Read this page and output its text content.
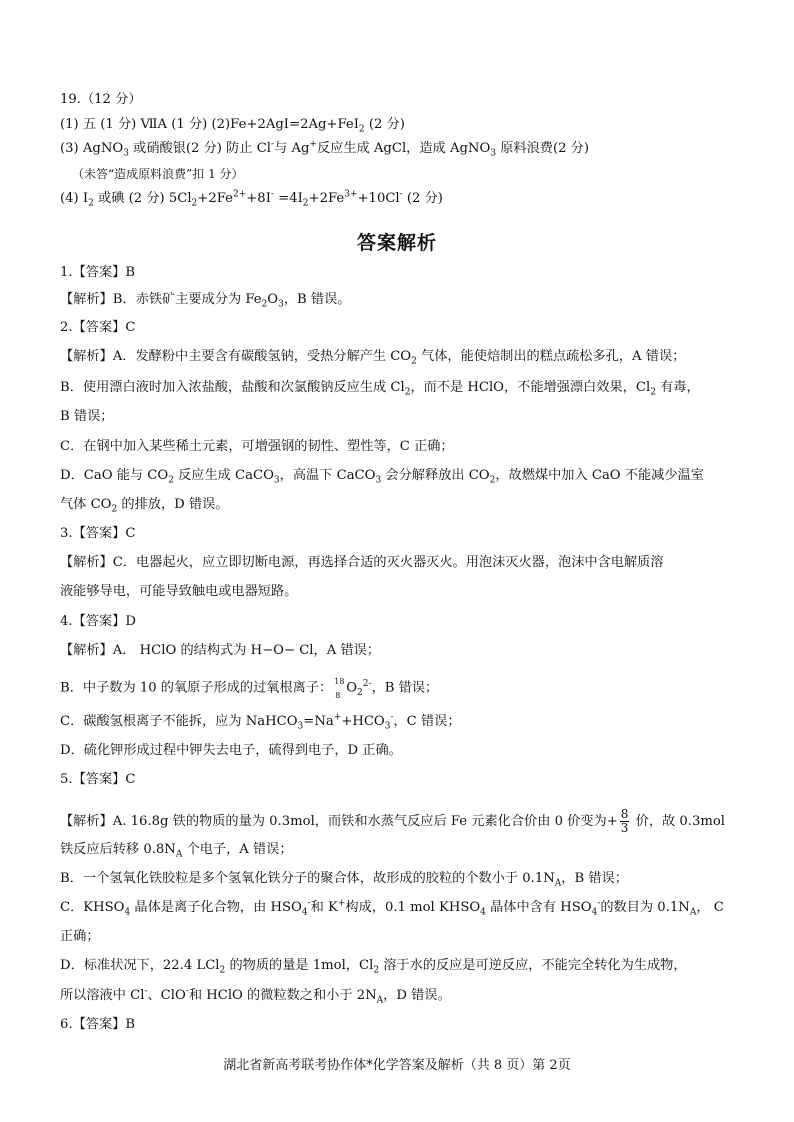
19.（12 分）
(1) 五 (1 分) ⅦA (1 分) (2)Fe+2AgI=2Ag+FeI$_2$ (2 分)
(3) AgNO$_3$ 或硝酸银(2 分) 防止 Cl-与 Ag+反应生成 AgCl，造成 AgNO$_3$ 原料浪费(2 分)
（未答“造成原料浪费”扣 1 分）
(4) $I_2$ 或碘 (2 分) $5Cl_2+2Fe^{2+}+8I^- =4I_2+2Fe^{3+}+10Cl^-$ (2 分)
答案解析
1.【答案】B
【解析】B．赤铁矿主要成分为 $Fe_2O_3$，B 错误。
2.【答案】C
【解析】A．发酵粉中主要含有碳酸氢钠，受热分解产生 $CO_2$ 气体，能使焙制出的糕点疏松多孔，A 错误；
B．使用漂白液时加入浓盐酸，盐酸和次氯酸钠反应生成 $Cl_2$，而不是 HClO，不能增强漂白效果，$Cl_2$ 有毒，
B 错误；
C．在钢中加入某些稀土元素，可增强钢的韧性、塑性等，C 正确；
D．CaO 能与 $CO_2$ 反应生成 CaCO$_3$，高温下 CaCO$_3$ 会分解释放出 $CO_2$，故燃煤中加入 CaO 不能减少温室
气体 $CO_2$ 的排放，D 错误。
3.【答案】C
【解析】C．电器起火，应立即切断电源，再选择合适的灭火器灭火。用泡沫灭火器，泡沫中含电解质溶
液能够导电，可能导致触电或电器短路。
4.【答案】D
【解析】A． HClO 的结构式为 H−O− Cl，A 错误；
B．中子数为 10 的氧原子形成的过氧根离子： 18
8 $O_2^{2-}$，B 错误；
C．碳酸氢根离子不能拆，应为 $NaHCO_3=Na^++HCO_3^-$，C 错误；
D．硫化钾形成过程中钾失去电子，硫得到电子，D 正确。
5.【答案】C
【解析】A. 16.8g 铁的物质的量为 0.3mol，而铁和水蒸气反应后 Fe 元素化合价由 0 价变为+ $\frac{8}{3}$ 价，故 0.3mol
铁反应后转移 $0.8N_A$ 个电子，A 错误；
B．一个氢氧化铁胶粒是多个氢氧化铁分子的聚合体，故形成的胶粒的个数小于 $0.1N_A$，B 错误；
C．$KHSO_4$ 晶体是离子化合物，由 $HSO_4^-$和 K+构成，0.1 mol $KHSO_4$ 晶体中含有 $HSO_4^-$的数目为 $0.1N_A$， C
正确；
D．标准状况下，22.4 LCl$_2$ 的物质的量是 1mol，$Cl_2$ 溶于水的反应是可逆反应，不能完全转化为生成物，
所以溶液中 Cl-、ClO-和 HClO 的微粒数之和小于 $2N_A$，D 错误。
6.【答案】B
湖北省新高考联考协作体*化学答案及解析（共 8 页）第 2页
